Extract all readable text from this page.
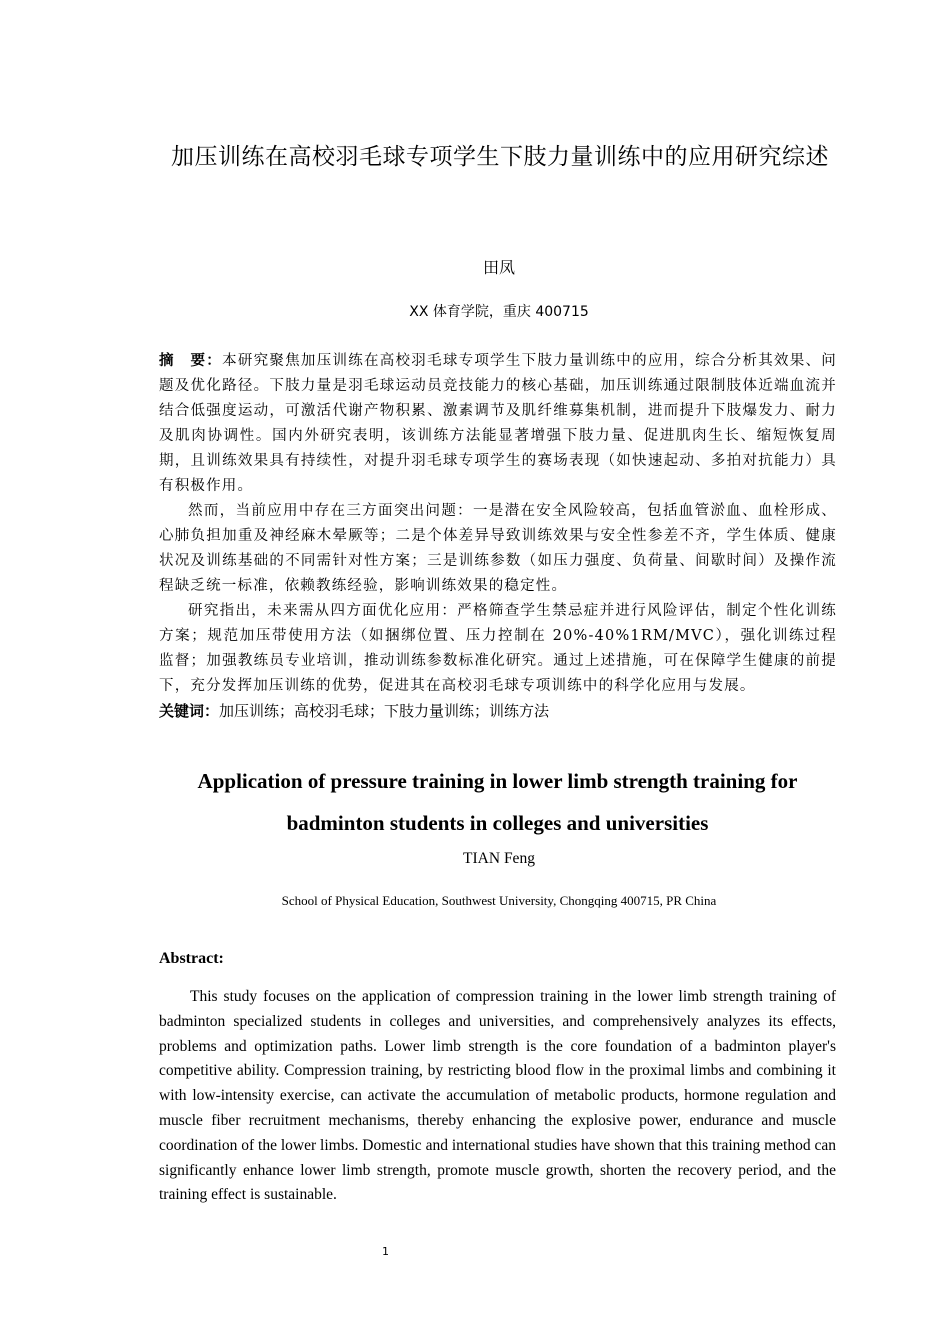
加压训练在高校羽毛球专项学生下肢力量训练中的应用研究综述
田凤
XX 体育学院，重庆 400715

摘　要：本研究聚焦加压训练在高校羽毛球专项学生下肢力量训练中的应用，综合分析其效果、问题及优化路径。下肢力量是羽毛球运动员竞技能力的核心基础，加压训练通过限制肢体近端血流并结合低强度运动，可激活代谢产物积累、激素调节及肌纤维募集机制，进而提升下肢爆发力、耐力及肌肉协调性。国内外研究表明，该训练方法能显著增强下肢力量、促进肌肉生长、缩短恢复周期，且训练效果具有持续性，对提升羽毛球专项学生的赛场表现（如快速起动、多拍对抗能力）具有积极作用。

然而，当前应用中存在三方面突出问题：一是潜在安全风险较高，包括血管淤血、血栓形成、心肺负担加重及神经麻木晕厥等；二是个体差异导致训练效果与安全性参差不齐，学生体质、健康状况及训练基础的不同需针对性方案；三是训练参数（如压力强度、负荷量、间歇时间）及操作流程缺乏统一标准，依赖教练经验，影响训练效果的稳定性。

研究指出，未来需从四方面优化应用：严格筛查学生禁忌症并进行风险评估，制定个性化训练方案；规范加压带使用方法（如捆绑位置、压力控制在 20%-40%1RM/MVC），强化训练过程监督；加强教练员专业培训，推动训练参数标准化研究。通过上述措施，可在保障学生健康的前提下，充分发挥加压训练的优势，促进其在高校羽毛球专项训练中的科学化应用与发展。

关键词：加压训练；高校羽毛球；下肢力量训练；训练方法

Application of pressure training in lower limb strength training for
badminton students in colleges and universities
TIAN Feng
School of Physical Education, Southwest University, Chongqing 400715, PR China
Abstract:

This study focuses on the application of compression training in the lower limb strength training of badminton specialized students in colleges and universities, and comprehensively analyzes its effects, problems and optimization paths. Lower limb strength is the core foundation of a badminton player's competitive ability. Compression training, by restricting blood flow in the proximal limbs and combining it with low-intensity exercise, can activate the accumulation of metabolic products, hormone regulation and muscle fiber recruitment mechanisms, thereby enhancing the explosive power, endurance and muscle coordination of the lower limbs. Domestic and international studies have shown that this training method can significantly enhance lower limb strength, promote muscle growth, shorten the recovery period, and the training effect is sustainable.

1
